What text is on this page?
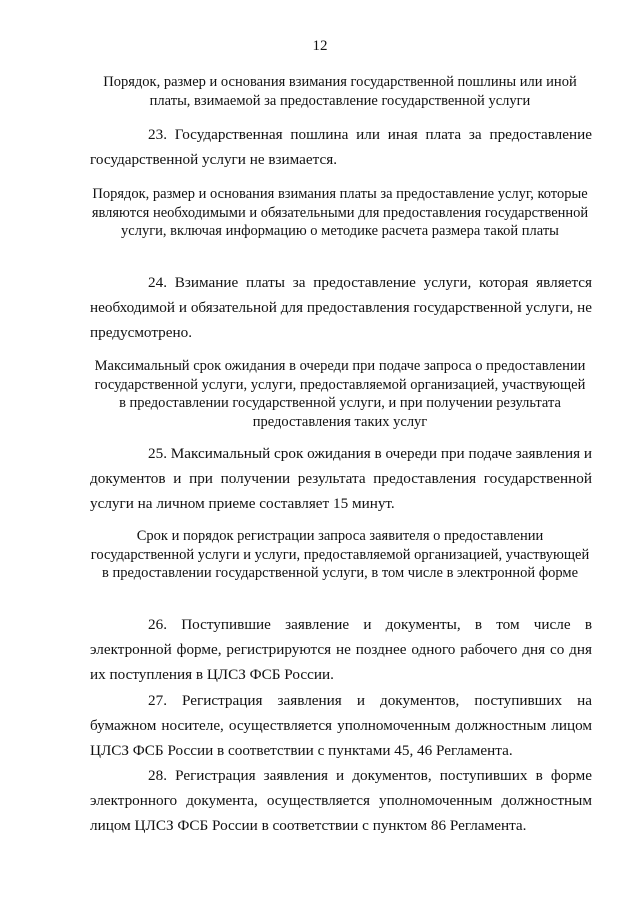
12
Порядок, размер и основания взимания государственной пошлины или иной платы, взимаемой за предоставление государственной услуги
23. Государственная пошлина или иная плата за предоставление государственной услуги не взимается.
Порядок, размер и основания взимания платы за предоставление услуг, которые являются необходимыми и обязательными для предоставления государственной услуги, включая информацию о методике расчета размера такой платы
24. Взимание платы за предоставление услуги, которая является необходимой и обязательной для предоставления государственной услуги, не предусмотрено.
Максимальный срок ожидания в очереди при подаче запроса о предоставлении государственной услуги, услуги, предоставляемой организацией, участвующей в предоставлении государственной услуги, и при получении результата предоставления таких услуг
25. Максимальный срок ожидания в очереди при подаче заявления и документов и при получении результата предоставления государственной услуги на личном приеме составляет 15 минут.
Срок и порядок регистрации запроса заявителя о предоставлении государственной услуги и услуги, предоставляемой организацией, участвующей в предоставлении государственной услуги, в том числе в электронной форме
26. Поступившие заявление и документы, в том числе в электронной форме, регистрируются не позднее одного рабочего дня со дня их поступления в ЦЛСЗ ФСБ России.
27. Регистрация заявления и документов, поступивших на бумажном носителе, осуществляется уполномоченным должностным лицом ЦЛСЗ ФСБ России в соответствии с пунктами 45, 46 Регламента.
28. Регистрация заявления и документов, поступивших в форме электронного документа, осуществляется уполномоченным должностным лицом ЦЛСЗ ФСБ России в соответствии с пунктом 86 Регламента.
